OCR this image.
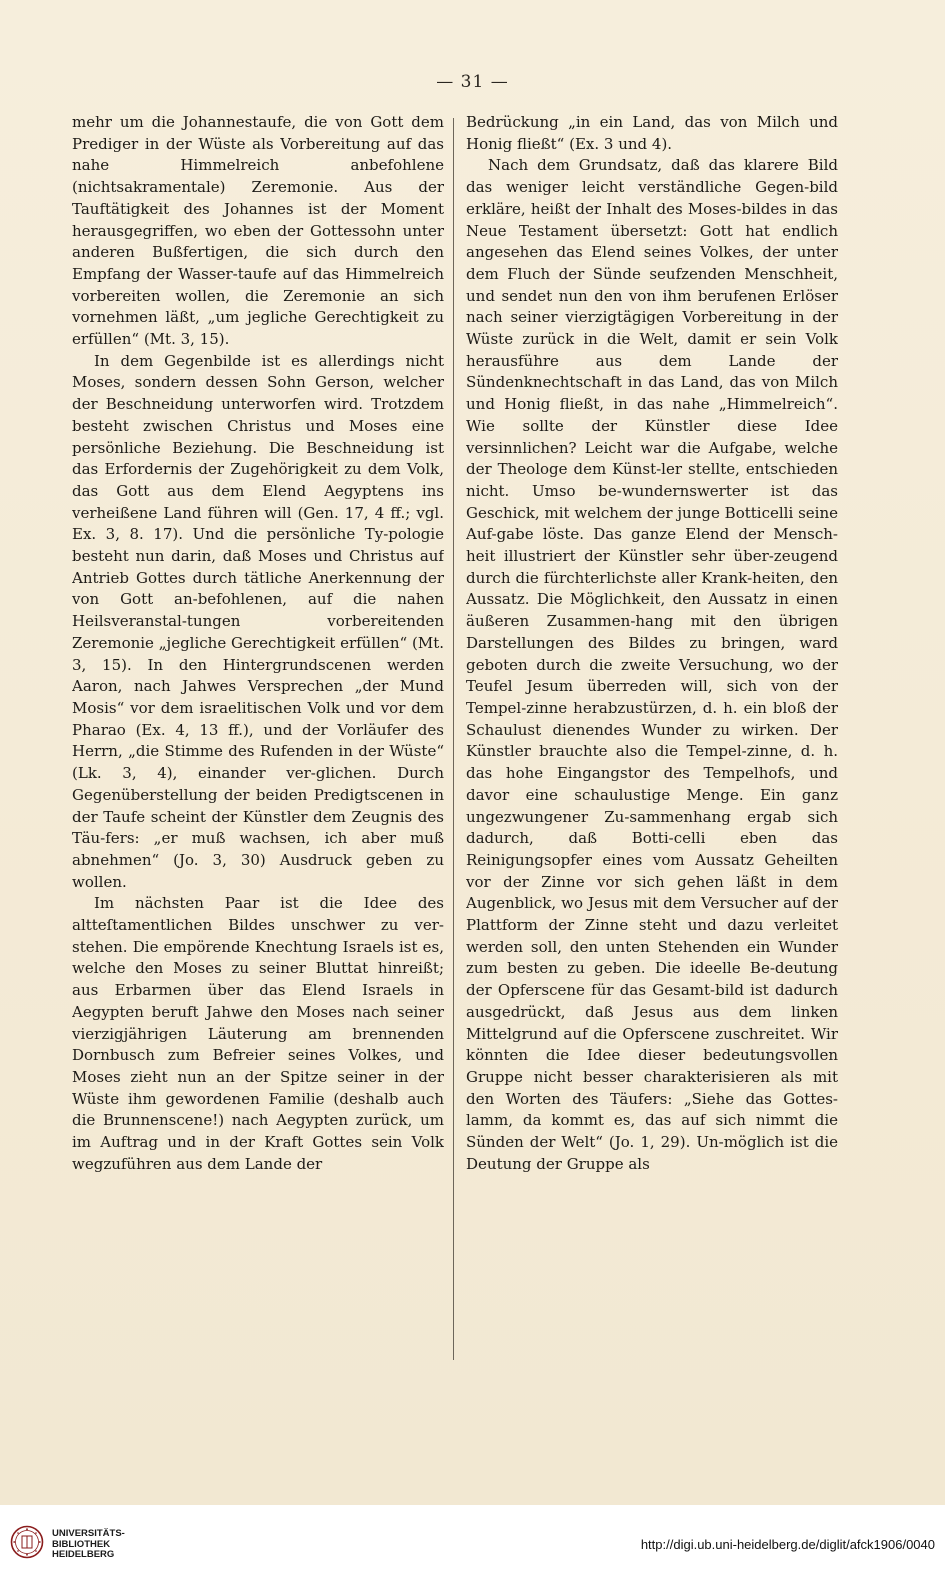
— 31 —

mehr um die Johannestaufe, die von Gott dem Prediger in der Wüste als Vorbereitung auf das nahe Himmelreich anbefohlene (nichtsakramentale) Zeremonie. Aus der Tauftätigkeit des Johannes ist der Moment herausgegriffen, wo eben der Gottessohn unter anderen Bußfertigen, die sich durch den Empfang der Wasser-taufe auf das Himmelreich vorbereiten wollen, die Zeremonie an sich vornehmen läßt, „um jegliche Gerechtigkeit zu erfüllen“ (Mt. 3, 15).

In dem Gegenbilde ist es allerdings nicht Moses, sondern dessen Sohn Gerson, welcher der Beschneidung unterworfen wird. Trotzdem besteht zwischen Christus und Moses eine persönliche Beziehung. Die Beschneidung ist das Erfordernis der Zugehörigkeit zu dem Volk, das Gott aus dem Elend Aegyptens ins verheißene Land führen will (Gen. 17, 4 ff.; vgl. Ex. 3, 8. 17). Und die persönliche Ty-pologie besteht nun darin, daß Moses und Christus auf Antrieb Gottes durch tätliche Anerkennung der von Gott an-befohlenen, auf die nahen Heilsveranstal-tungen vorbereitenden Zeremonie „jegliche Gerechtigkeit erfüllen“ (Mt. 3, 15). In den Hintergrundscenen werden Aaron, nach Jahwes Versprechen „der Mund Mosis“ vor dem israelitischen Volk und vor dem Pharao (Ex. 4, 13 ff.), und der Vorläufer des Herrn, „die Stimme des Rufenden in der Wüste“ (Lk. 3, 4), einander ver-glichen. Durch Gegenüberstellung der beiden Predigtscenen in der Taufe scheint der Künstler dem Zeugnis des Täu-fers: „er muß wachsen, ich aber muß abnehmen“ (Jo. 3, 30) Ausdruck geben zu wollen.

Im nächsten Paar ist die Idee des altteſtamentlichen Bildes unschwer zu ver-stehen. Die empörende Knechtung Israels ist es, welche den Moses zu seiner Bluttat hinreißt; aus Erbarmen über das Elend Israels in Aegypten beruft Jahwe den Moses nach seiner vierzigjährigen Läuterung am brennenden Dornbusch zum Befreier seines Volkes, und Moses zieht nun an der Spitze seiner in der Wüste ihm gewordenen Familie (deshalb auch die Brunnenscene!) nach Aegypten zurück, um im Auftrag und in der Kraft Gottes sein Volk wegzuführen aus dem Lande der

Bedrückung „in ein Land, das von Milch und Honig fließt“ (Ex. 3 und 4).

Nach dem Grundsatz, daß das klarere Bild das weniger leicht verständliche Gegen-bild erkläre, heißt der Inhalt des Moses-bildes in das Neue Testament übersetzt: Gott hat endlich angesehen das Elend seines Volkes, der unter dem Fluch der Sünde seufzenden Menschheit, und sendet nun den von ihm berufenen Erlöser nach seiner vierzigtägigen Vorbereitung in der Wüste zurück in die Welt, damit er sein Volk herausführe aus dem Lande der Sündenknechtschaft in das Land, das von Milch und Honig fließt, in das nahe „Himmelreich“. Wie sollte der Künstler diese Idee versinnlichen? Leicht war die Aufgabe, welche der Theologe dem Künst-ler stellte, entschieden nicht. Umso be-wundernswerter ist das Geschick, mit welchem der junge Botticelli seine Auf-gabe löste. Das ganze Elend der Mensch-heit illustriert der Künstler sehr über-zeugend durch die fürchterlichste aller Krank-heiten, den Aussatz. Die Möglichkeit, den Aussatz in einen äußeren Zusammen-hang mit den übrigen Darstellungen des Bildes zu bringen, ward geboten durch die zweite Versuchung, wo der Teufel Jesum überreden will, sich von der Tempel-zinne herabzustürzen, d. h. ein bloß der Schaulust dienendes Wunder zu wirken. Der Künstler brauchte also die Tempel-zinne, d. h. das hohe Eingangstor des Tempelhofs, und davor eine schaulustige Menge. Ein ganz ungezwungener Zu-sammenhang ergab sich dadurch, daß Botti-celli eben das Reinigungsopfer eines vom Aussatz Geheilten vor der Zinne vor sich gehen läßt in dem Augenblick, wo Jesus mit dem Versucher auf der Plattform der Zinne steht und dazu verleitet werden soll, den unten Stehenden ein Wunder zum besten zu geben. Die ideelle Be-deutung der Opferscene für das Gesamt-bild ist dadurch ausgedrückt, daß Jesus aus dem linken Mittelgrund auf die Opferscene zuschreitet. Wir könnten die Idee dieser bedeutungsvollen Gruppe nicht besser charakterisieren als mit den Worten des Täufers: „Siehe das Gottes-lamm, da kommt es, das auf sich nimmt die Sünden der Welt“ (Jo. 1, 29). Un-möglich ist die Deutung der Gruppe als

UNIVERSITÄTS-
BIBLIOTHEK
HEIDELBERG
http://digi.ub.uni-heidelberg.de/diglit/afck1906/0040
